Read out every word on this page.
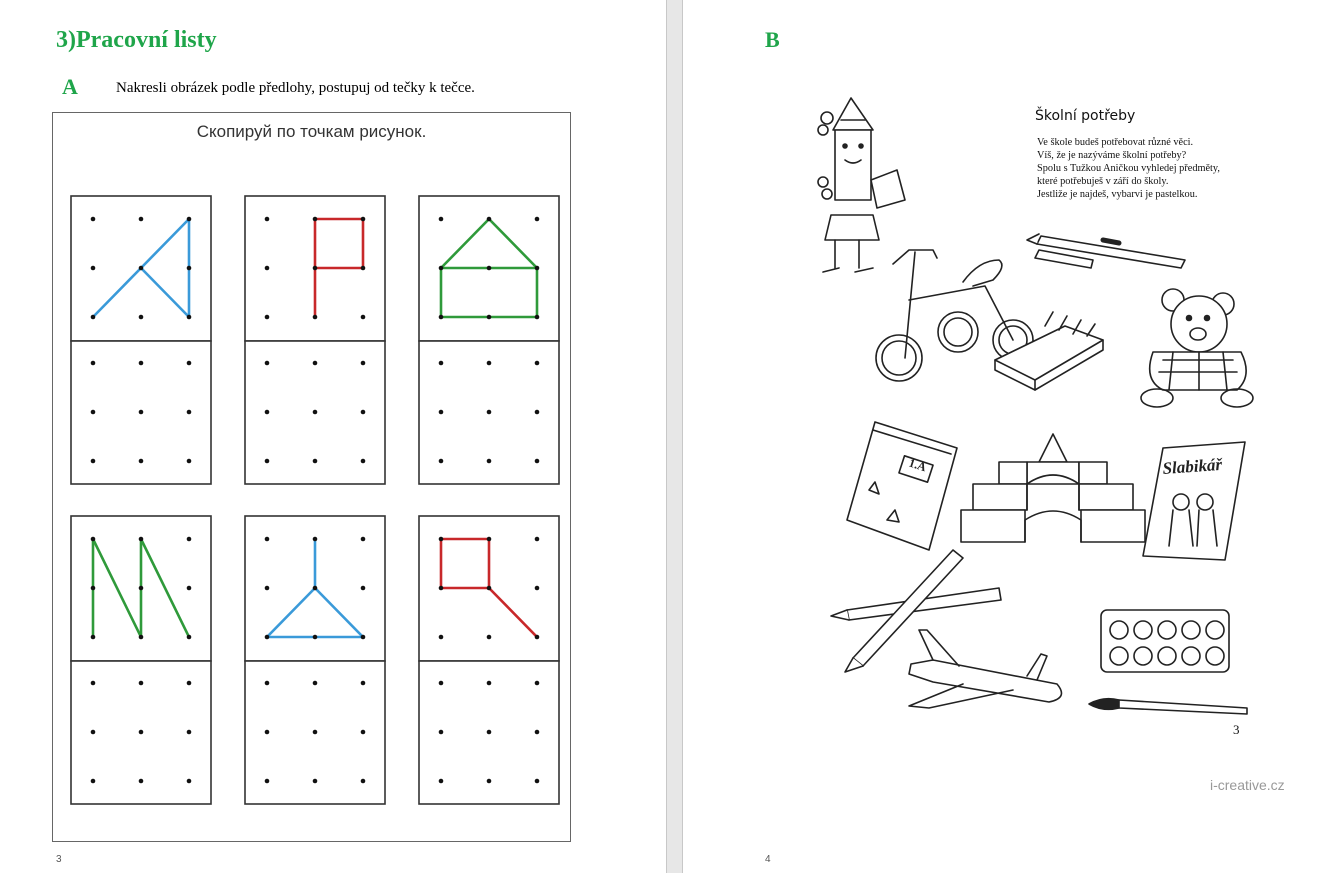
3)Pracovní listy
A	Nakresli obrázek podle předlohy, postupuj od tečky k tečce.
Скопируй по точкам рисунок.
3
B
1.A	Slabikář
Školní potřeby
Ve škole budeš potřebovat různé věci.
Víš, že je nazýváme školní potřeby?
Spolu s Tužkou Aničkou vyhledej předměty,
které potřebuješ v září do školy.
Jestliže je najdeš, vybarvi je pastelkou.
3
i-creative.cz
4
